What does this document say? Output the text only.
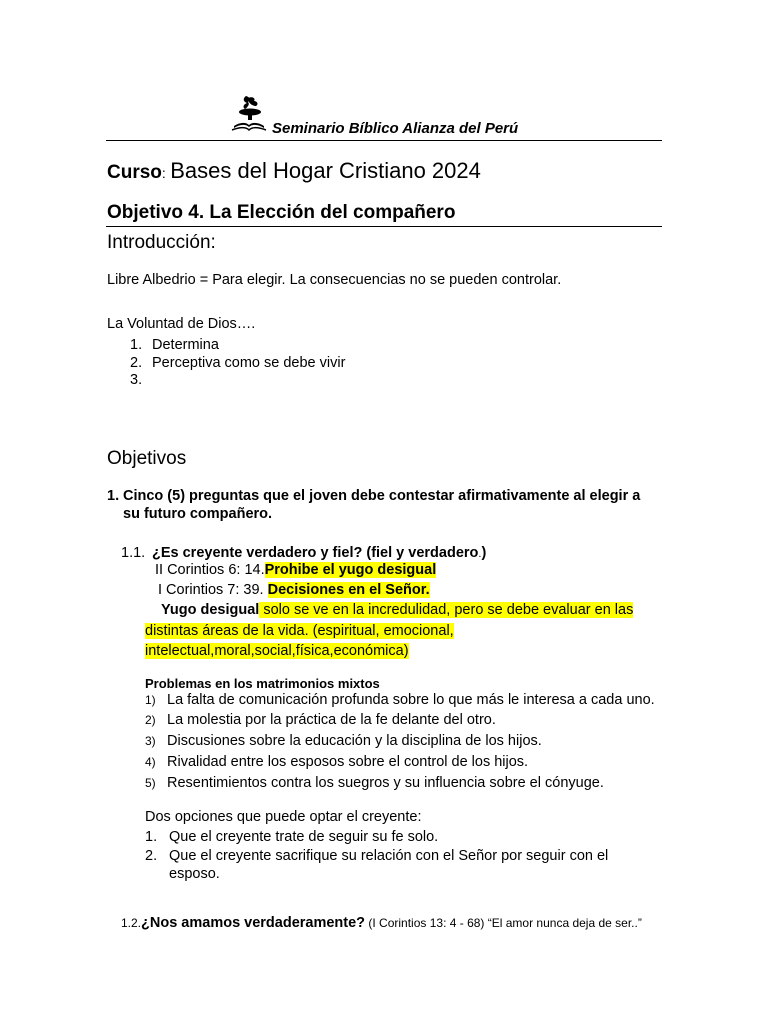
Seminario Bíblico Alianza del Perú
Curso: Bases del Hogar Cristiano 2024
Objetivo 4. La Elección del compañero
Introducción:
Libre Albedrio = Para elegir. La consecuencias no se pueden controlar.
La Voluntad de Dios….
1. Determina
2. Perceptiva como se debe vivir
3.
Objetivos
1. Cinco (5) preguntas que el joven debe contestar afirmativamente al elegir a
su futuro compañero.
1.1. ¿Es creyente verdadero y fiel? (fiel y verdadero.)
II Corintios 6: 14.Prohibe el yugo desigual
I Corintios 7: 39. Decisiones en el Señor.
Yugo desigual solo se ve en la incredulidad, pero se debe evaluar en las
distintas áreas de la vida. (espiritual, emocional,
intelectual,moral,social,física,económica)
Problemas en los matrimonios mixtos
1) La falta de comunicación profunda sobre lo que más le interesa a cada uno.
2) La molestia por la práctica de la fe delante del otro.
3) Discusiones sobre la educación y la disciplina de los hijos.
4) Rivalidad entre los esposos sobre el control de los hijos.
5) Resentimientos contra los suegros y su influencia sobre el cónyuge.
Dos opciones que puede optar el creyente:
1. Que el creyente trate de seguir su fe solo.
2. Que el creyente sacrifique su relación con el Señor por seguir con el
esposo.
1.2.¿Nos amamos verdaderamente? (I Corintios 13: 4 - 68) “El amor nunca deja de ser..”
